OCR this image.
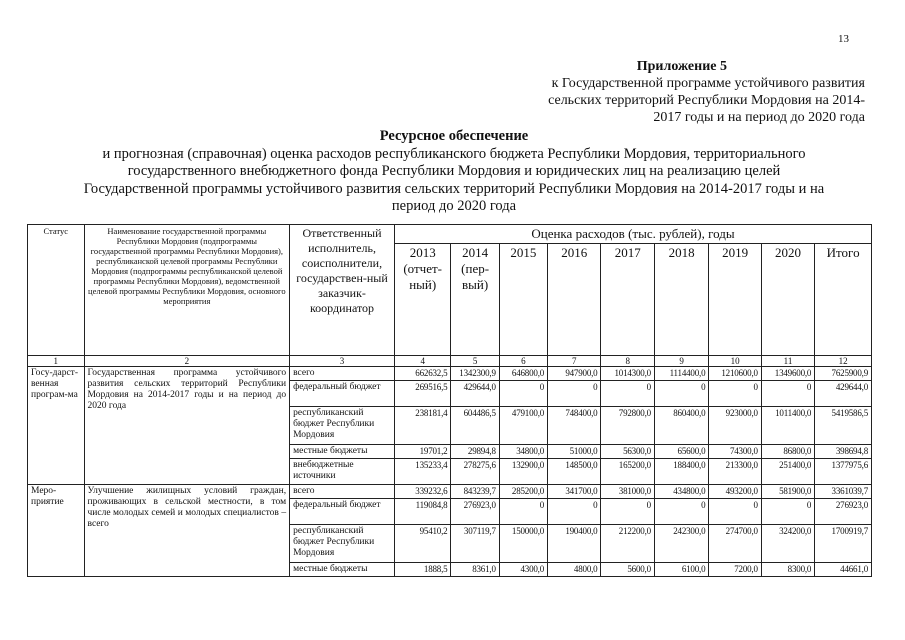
13
Приложение 5
к Государственной программе устойчивого развития
сельских территорий Республики Мордовия на 2014-
2017 годы и на период до 2020 года
Ресурсное обеспечение
и прогнозная (справочная) оценка расходов республиканского бюджета Республики Мордовия, территориального
государственного внебюджетного фонда Республики Мордовия и юридических лиц на реализацию целей
Государственной программы устойчивого развития сельских территорий Республики Мордовия на 2014-2017 годы и на
период до 2020 года
Статус	Наименование государственной программы Республики Мордовия (подпрограммы государственной программы Республики Мордовия), республиканской целевой программы Республики Мордовия (подпрограммы республиканской целевой программы Республики Мордовия), ведомственной целевой программы Республики Мордовия, основного мероприятия	Ответственный исполнитель, соисполнители, государствен-ный заказчик-координатор	Оценка расходов (тыс. рублей), годы								
			2013 (отчет-ный)	2014 (пер-вый)	2015	2016	2017	2018	2019	2020	Итого
1	2	3	4	5	6	7	8	9	10	11	12
Госу-дарст-венная програм-ма	Государственная программа устойчивого развития сельских территорий Республики Мордовия на 2014-2017 годы и на период до 2020 года	всего	662632,5	1342300,9	646800,0	947900,0	1014300,0	1114400,0	1210600,0	1349600,0	7625900,9
		федеральный бюджет	269516,5	429644,0	0	0	0	0	0	0	429644,0
		республиканский бюджет Республики Мордовия	238181,4	604486,5	479100,0	748400,0	792800,0	860400,0	923000,0	1011400,0	5419586,5
		местные бюджеты	19701,2	29894,8	34800,0	51000,0	56300,0	65600,0	74300,0	86800,0	398694,8
		внебюджетные источники	135233,4	278275,6	132900,0	148500,0	165200,0	188400,0	213300,0	251400,0	1377975,6
Меро-приятие	Улучшение жилищных условий граждан, проживающих в сельской местности, в том числе молодых семей и молодых специалистов – всего	всего	339232,6	843239,7	285200,0	341700,0	381000,0	434800,0	493200,0	581900,0	3361039,7
		федеральный бюджет	119084,8	276923,0	0	0	0	0	0	0	276923,0
		республиканский бюджет Республики Мордовия	95410,2	307119,7	150000,0	190400,0	212200,0	242300,0	274700,0	324200,0	1700919,7
		местные бюджеты	1888,5	8361,0	4300,0	4800,0	5600,0	6100,0	7200,0	8300,0	44661,0
